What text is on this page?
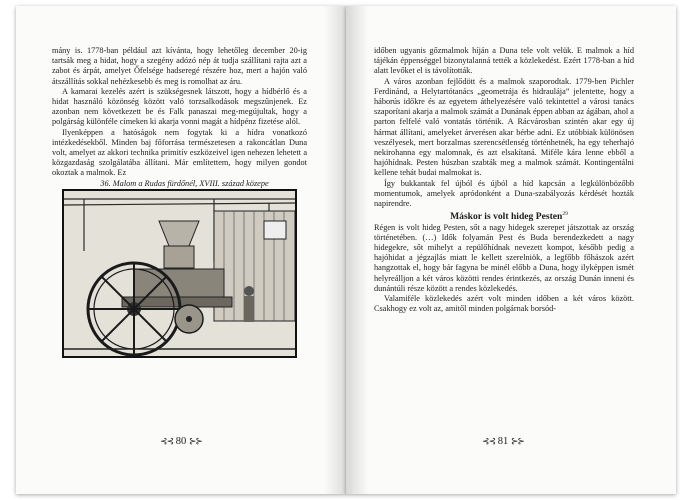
mány is. 1778-ban például azt kívánta, hogy lehetőleg december 20-ig tartsák meg a hidat, hogy a szegény adózó nép át tudja szállítani rajta azt a zabot és árpát, amelyet Őfelsége hadseregé részére hoz, mert a hajón való átszállítás sokkal nehézkesebb és meg is romolhat az áru.

A kamarai kezelés azért is szükségesnek látszott, hogy a hídbérlő és a hidat használó közönség között való torzsalkodások megszűnjenek. Ez azonban nem következett be és Falk panaszai meg-megújultak, hogy a polgárság különféle címeken ki akarja vonni magát a hídpénz fizetése alól.

Ilyenképpen a hatóságok nem fogytak ki a hídra vonatkozó intézkedésekből. Minden baj főforrása természetesen a rakoncátlan Duna volt, amelyet az akkori technika primitív eszközeivel igen nehezen lehetett a közgazdaság szolgálatába állítani. Már említettem, hogy milyen gondot okoztak a malmok. Ez

36. Malom a Rudas fürdőnél, XVIII. század közepe

⊰⊰ 80 ⊱⊱

időben ugyanis gőzmalmok híján a Duna tele volt velük. E malmok a híd tájékán éppenséggel bizonytalanná tették a közlekedést. Ezért 1778-ban a híd alatt levőket el is távolították.

A város azonban fejlődött és a malmok szaporodtak. 1779-ben Pichler Ferdinánd, a Helytartótanács „geometrája és hidraulája” jelentette, hogy a háborús időkre és az egyetem áthelyezésére való tekintettel a városi tanács szaporítani akarja a malmok számát a Dunának éppen abban az ágában, ahol a parton felfelé való vontatás történik. A Rácvárosban szintén akar egy új hármat állítani, amelyeket árverésen akar bérbe adni. Ez utóbbiak különösen veszélyesek, mert borzalmas szerencsétlenség történhetnék, ha egy teherhajó nekirohanna egy malomnak, és azt elsakítaná. Miféle kára lenne ebből a hajóhídnak. Pesten húszban szabták meg a malmok számát. Kontingentálni kellene tehát budai malmokat is.

Így bukkantak fel újból és újból a híd kapcsán a legkülönbözőbb momentumok, amelyek apródonként a Duna-szabályozás kérdését hozták napirendre.

Máskor is volt hideg Pesten$^{29}$

Régen is volt hideg Pesten, sőt a nagy hidegek szerepet játszottak az ország történetében. (…) Idők folyamán Pest és Buda berendezkedett a nagy hidegekre, sőt mihelyt a repülőhídnak nevezett kompot, később pedig a hajóhidat a jégzajlás miatt le kellett szerelniök, a legfőbb főhászok azért hangzottak el, hogy bár fagyna be minél előbb a Duna, hogy ilyképpen ismét helyreálljon a két város közötti rendes érintkezés, az ország Dunán inneni és dunántúli része között a rendes közlekedés.

Valamiféle közlekedés azért volt minden időben a két város között. Csakhogy ez volt az, amitől minden polgárnak borsód-

⊰⊰ 81 ⊱⊱
